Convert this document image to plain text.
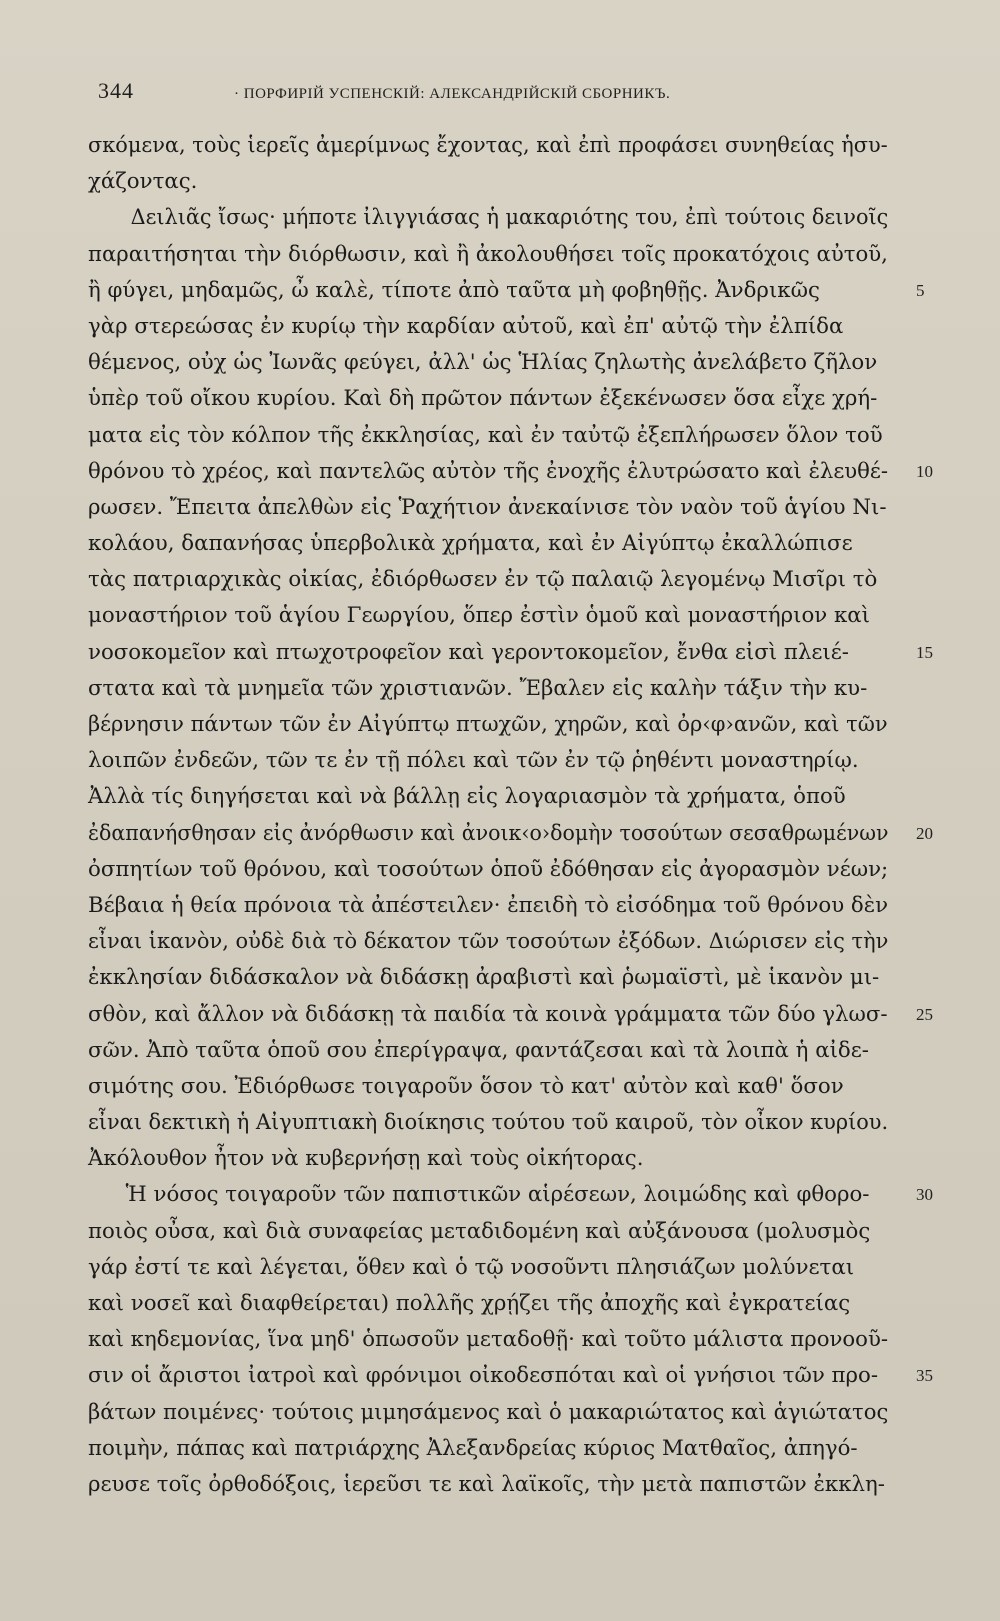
344	· ПОРФИРІЙ УСПЕНСКІЙ: АЛЕКСАНДРІЙСКІЙ СБОРНИКЪ.
σκόμενα, τοὺς ἱερεῖς ἀμερίμνως ἔχοντας, καὶ ἐπὶ προφάσει συνηθείας ἡσυ-
χάζοντας.
Δειλιᾶς ἴσως· μήποτε ἰλιγγιάσας ἡ μακαριότης του, ἐπὶ τούτοις δεινοῖς
παραιτήσηται τὴν διόρθωσιν, καὶ ἢ ἀκολουθήσει τοῖς προκατόχοις αὐτοῦ,
ἢ φύγει, μηδαμῶς, ὦ καλὲ, τίποτε ἀπὸ ταῦτα μὴ φοβηθῇς. Ἀνδρικῶς	5
γὰρ στερεώσας ἐν κυρίῳ τὴν καρδίαν αὐτοῦ, καὶ ἐπ' αὐτῷ τὴν ἐλπίδα
θέμενος, οὐχ ὡς Ἰωνᾶς φεύγει, ἀλλ' ὡς Ἡλίας ζηλωτὴς ἀνελάβετο ζῆλον
ὑπὲρ τοῦ οἴκου κυρίου. Καὶ δὴ πρῶτον πάντων ἐξεκένωσεν ὅσα εἶχε χρή-
ματα εἰς τὸν κόλπον τῆς ἐκκλησίας, καὶ ἐν ταὐτῷ ἐξεπλήρωσεν ὅλον τοῦ
θρόνου τὸ χρέος, καὶ παντελῶς αὐτὸν τῆς ἐνοχῆς ἐλυτρώσατο καὶ ἐλευθέ- 10
ρωσεν. Ἔπειτα ἀπελθὼν εἰς Ῥαχήτιον ἀνεκαίνισε τὸν ναὸν τοῦ ἁγίου Νι-
κολάου, δαπανήσας ὑπερβολικὰ χρήματα, καὶ ἐν Αἰγύπτῳ ἐκαλλώπισε
τὰς πατριαρχικὰς οἰκίας, ἐδιόρθωσεν ἐν τῷ παλαιῷ λεγομένῳ Μισῖρι τὸ
μοναστήριον τοῦ ἁγίου Γεωργίου, ὅπερ ἐστὶν ὁμοῦ καὶ μοναστήριον καὶ
νοσοκομεῖον καὶ πτωχοτροφεῖον καὶ γεροντοκομεῖον, ἔνθα εἰσὶ πλειέ-	15
στατα καὶ τὰ μνημεῖα τῶν χριστιανῶν. Ἔβαλεν εἰς καλὴν τάξιν τὴν κυ-
βέρνησιν πάντων τῶν ἐν Αἰγύπτῳ πτωχῶν, χηρῶν, καὶ ὀρ‹φ›ανῶν, καὶ τῶν
λοιπῶν ἐνδεῶν, τῶν τε ἐν τῇ πόλει καὶ τῶν ἐν τῷ ῥηθέντι μοναστηρίῳ.
Ἀλλὰ τίς διηγήσεται καὶ νὰ βάλλῃ εἰς λογαριασμὸν τὰ χρήματα, ὁποῦ
ἐδαπανήσθησαν εἰς ἀνόρθωσιν καὶ ἀνοικ‹ο›δομὴν τοσούτων σεσαθρωμένων 20
ὀσπητίων τοῦ θρόνου, καὶ τοσούτων ὁποῦ ἐδόθησαν εἰς ἀγορασμὸν νέων;
Βέβαια ἡ θεία πρόνοια τὰ ἀπέστειλεν· ἐπειδὴ τὸ εἰσόδημα τοῦ θρόνου δὲν
εἶναι ἱκανὸν, οὐδὲ διὰ τὸ δέκατον τῶν τοσούτων ἐξόδων. Διώρισεν εἰς τὴν
ἐκκλησίαν διδάσκαλον νὰ διδάσκῃ ἀραβιστὶ καὶ ῥωμαϊστὶ, μὲ ἱκανὸν μι-
σθὸν, καὶ ἄλλον νὰ διδάσκῃ τὰ παιδία τὰ κοινὰ γράμματα τῶν δύο γλωσ- 25
σῶν. Ἀπὸ ταῦτα ὁποῦ σου ἐπερίγραψα, φαντάζεσαι καὶ τὰ λοιπὰ ἡ αἰδε-
σιμότης σου. Ἐδιόρθωσε τοιγαροῦν ὅσον τὸ κατ' αὐτὸν καὶ καθ' ὅσον
εἶναι δεκτικὴ ἡ Αἰγυπτιακὴ διοίκησις τούτου τοῦ καιροῦ, τὸν οἶκον κυρίου.
Ἀκόλουθον ἦτον νὰ κυβερνήσῃ καὶ τοὺς οἰκήτορας.
Ἡ νόσος τοιγαροῦν τῶν παπιστικῶν αἱρέσεων, λοιμώδης καὶ φθορο-	30
ποιὸς οὖσα, καὶ διὰ συναφείας μεταδιδομένη καὶ αὐξάνουσα (μολυσμὸς
γάρ ἐστί τε καὶ λέγεται, ὅθεν καὶ ὁ τῷ νοσοῦντι πλησιάζων μολύνεται
καὶ νοσεῖ καὶ διαφθείρεται) πολλῆς χρῄζει τῆς ἀποχῆς καὶ ἐγκρατείας
καὶ κηδεμονίας, ἵνα μηδ' ὁπωσοῦν μεταδοθῇ· καὶ τοῦτο μάλιστα προνοοῦ-
σιν οἱ ἄριστοι ἰατροὶ καὶ φρόνιμοι οἰκοδεσπόται καὶ οἱ γνήσιοι τῶν προ-	35
βάτων ποιμένες· τούτοις μιμησάμενος καὶ ὁ μακαριώτατος καὶ ἁγιώτατος
ποιμὴν, πάπας καὶ πατριάρχης Ἀλεξανδρείας κύριος Ματθαῖος, ἀπηγό-
ρευσε τοῖς ὀρθοδόξοις, ἱερεῦσι τε καὶ λαϊκοῖς, τὴν μετὰ παπιστῶν ἐκκλη-
